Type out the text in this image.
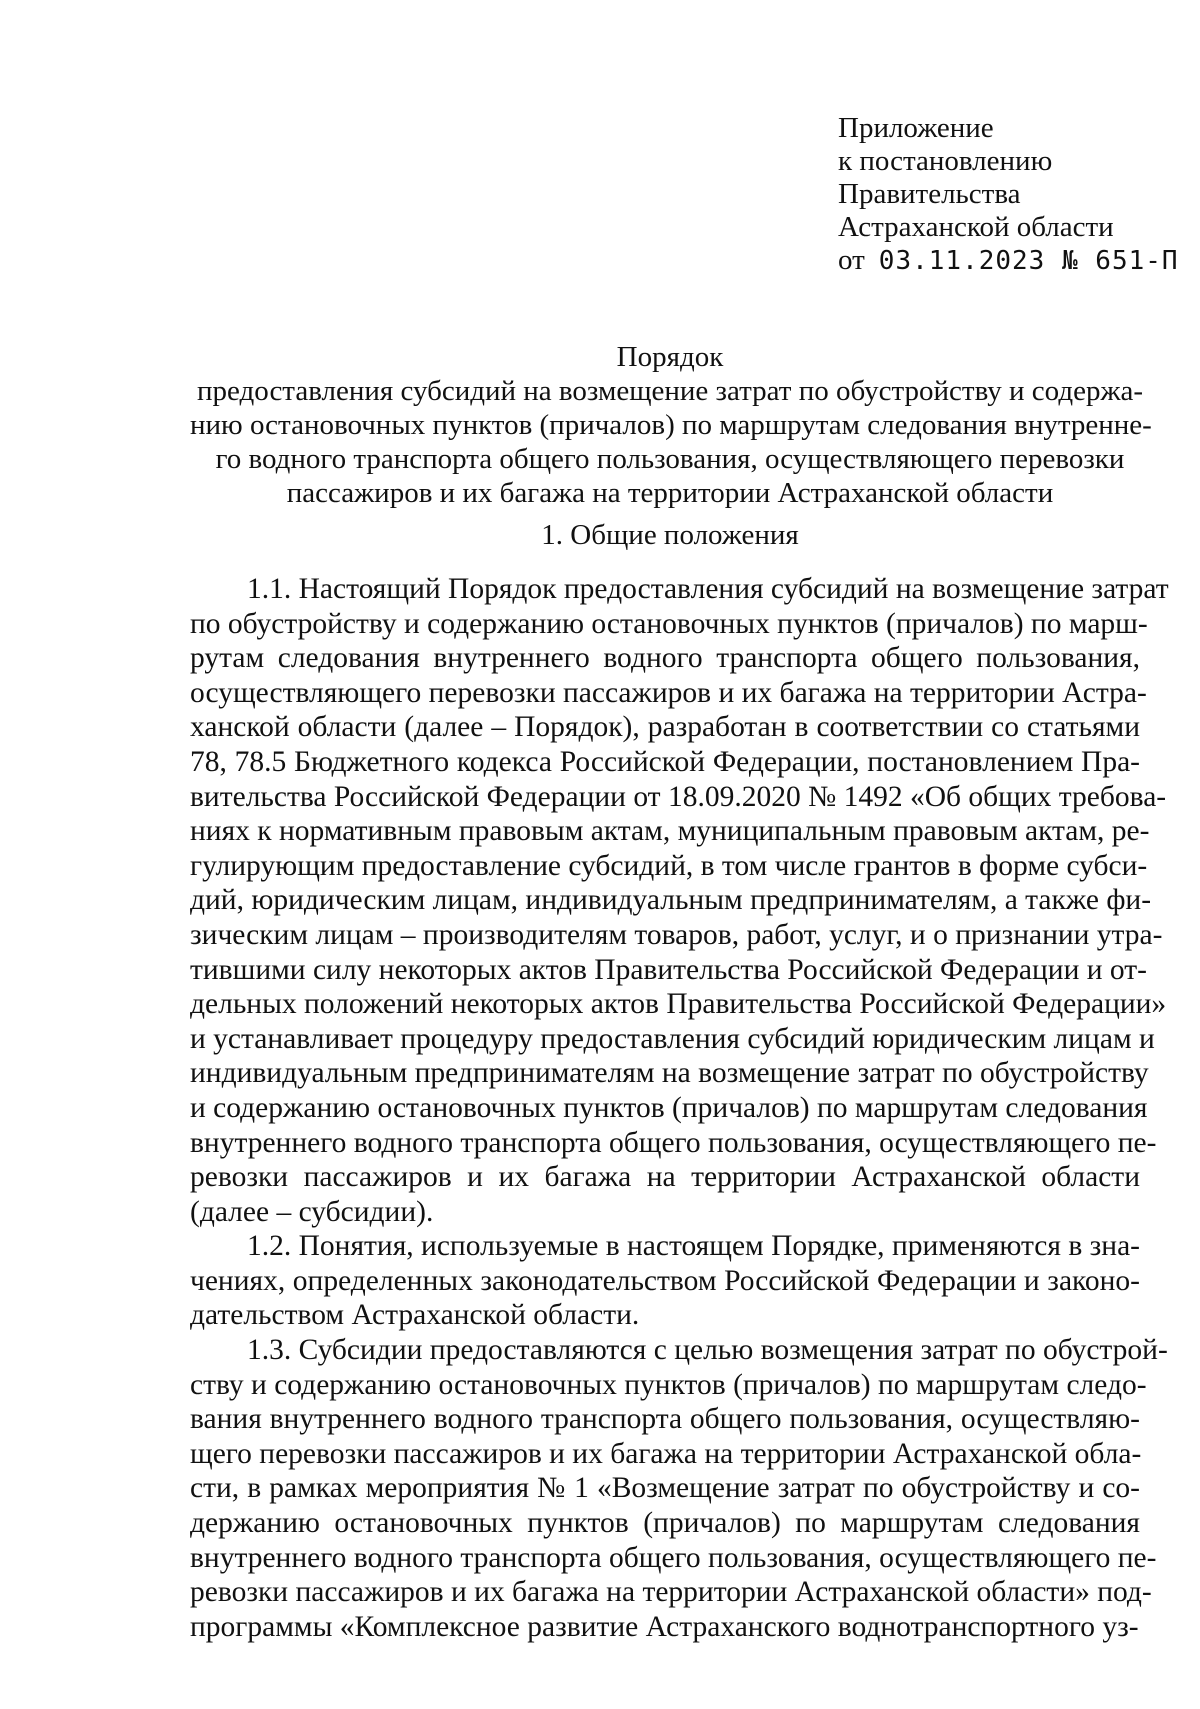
Приложение
к постановлению
Правительства
Астраханской области
от 03.11.2023 № 651-П
Порядок
предоставления субсидий на возмещение затрат по обустройству и содержа-
нию остановочных пунктов (причалов) по маршрутам следования внутренне-
го водного транспорта общего пользования, осуществляющего перевозки
пассажиров и их багажа на территории Астраханской области
1. Общие положения
1.1. Настоящий Порядок предоставления субсидий на возмещение затрат
по обустройству и содержанию остановочных пунктов (причалов) по марш-
рутам следования внутреннего водного транспорта общего пользования,
осуществляющего перевозки пассажиров и их багажа на территории Астра-
ханской области (далее – Порядок), разработан в соответствии со статьями
78, 78.5 Бюджетного кодекса Российской Федерации, постановлением Пра-
вительства Российской Федерации от 18.09.2020 № 1492 «Об общих требова-
ниях к нормативным правовым актам, муниципальным правовым актам, ре-
гулирующим предоставление субсидий, в том числе грантов в форме субси-
дий, юридическим лицам, индивидуальным предпринимателям, а также фи-
зическим лицам – производителям товаров, работ, услуг, и о признании утра-
тившими силу некоторых актов Правительства Российской Федерации и от-
дельных положений некоторых актов Правительства Российской Федерации»
и устанавливает процедуру предоставления субсидий юридическим лицам и
индивидуальным предпринимателям на возмещение затрат по обустройству
и содержанию остановочных пунктов (причалов) по маршрутам следования
внутреннего водного транспорта общего пользования, осуществляющего пе-
ревозки пассажиров и их багажа на территории Астраханской области
(далее – субсидии).
1.2. Понятия, используемые в настоящем Порядке, применяются в зна-
чениях, определенных законодательством Российской Федерации и законо-
дательством Астраханской области.
1.3. Субсидии предоставляются с целью возмещения затрат по обустрой-
ству и содержанию остановочных пунктов (причалов) по маршрутам следо-
вания внутреннего водного транспорта общего пользования, осуществляю-
щего перевозки пассажиров и их багажа на территории Астраханской обла-
сти, в рамках мероприятия № 1 «Возмещение затрат по обустройству и со-
держанию остановочных пунктов (причалов) по маршрутам следования
внутреннего водного транспорта общего пользования, осуществляющего пе-
ревозки пассажиров и их багажа на территории Астраханской области» под-
программы «Комплексное развитие Астраханского воднотранспортного уз-
